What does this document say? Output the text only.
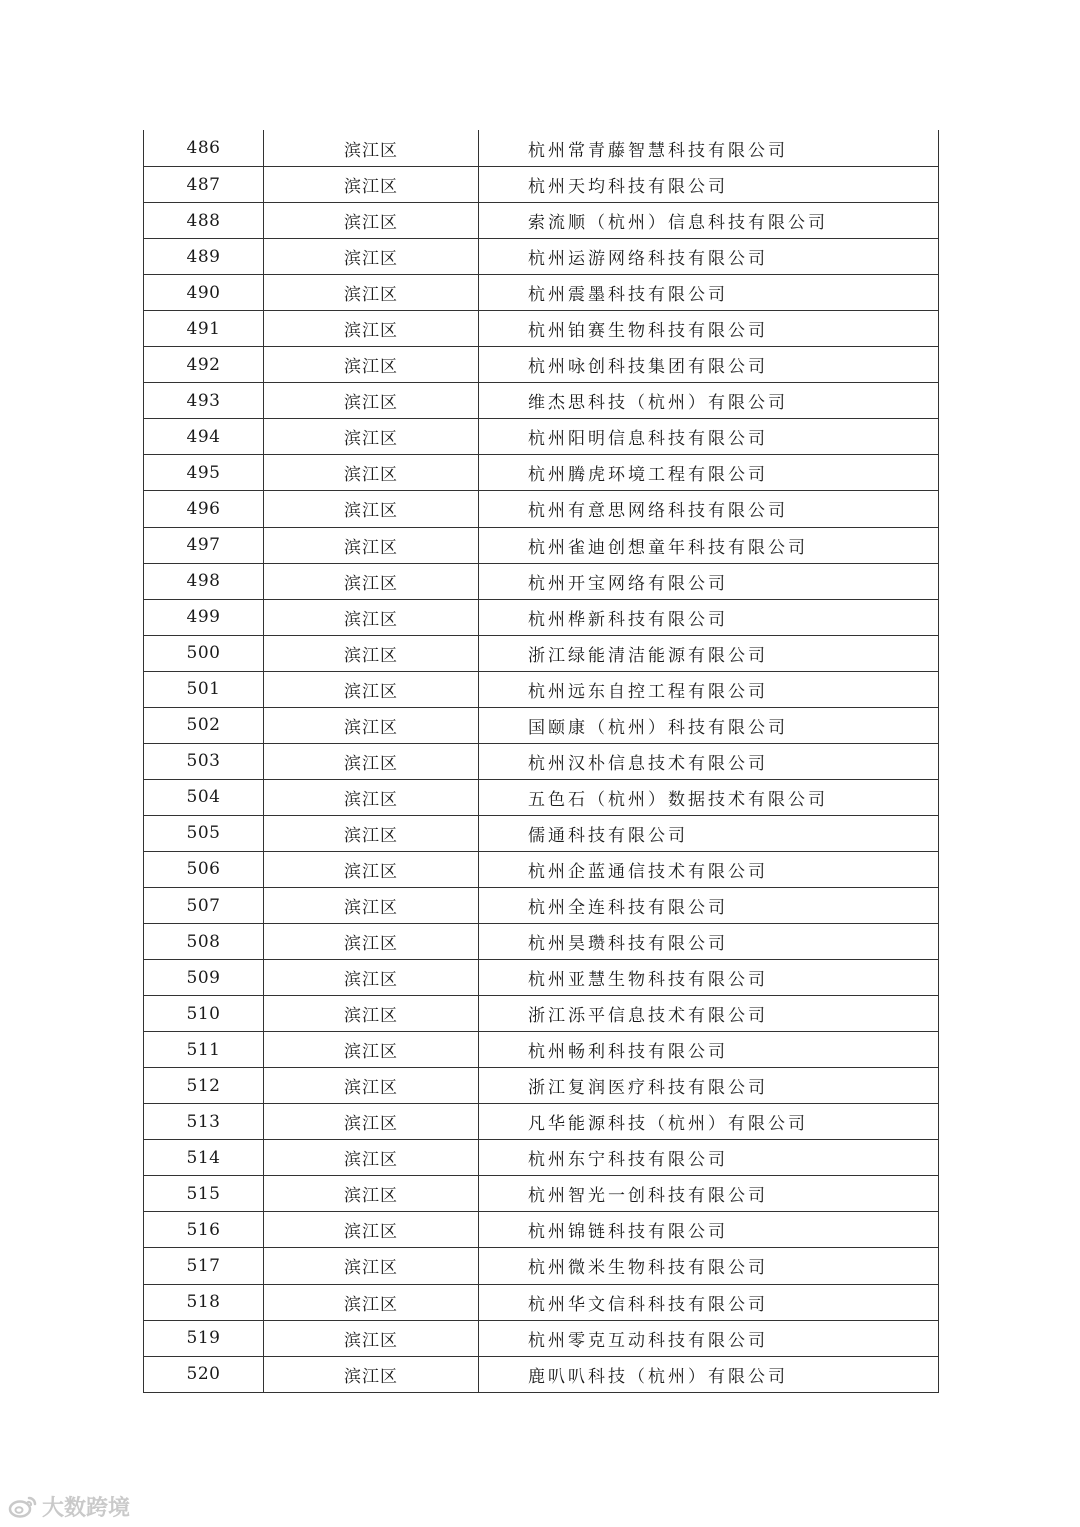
486	滨江区	杭州常青藤智慧科技有限公司
487	滨江区	杭州天均科技有限公司
488	滨江区	索流顺（杭州）信息科技有限公司
489	滨江区	杭州运游网络科技有限公司
490	滨江区	杭州震墨科技有限公司
491	滨江区	杭州铂赛生物科技有限公司
492	滨江区	杭州咏创科技集团有限公司
493	滨江区	维杰思科技（杭州）有限公司
494	滨江区	杭州阳明信息科技有限公司
495	滨江区	杭州腾虎环境工程有限公司
496	滨江区	杭州有意思网络科技有限公司
497	滨江区	杭州雀迪创想童年科技有限公司
498	滨江区	杭州开宝网络有限公司
499	滨江区	杭州桦新科技有限公司
500	滨江区	浙江绿能清洁能源有限公司
501	滨江区	杭州远东自控工程有限公司
502	滨江区	国颐康（杭州）科技有限公司
503	滨江区	杭州汉朴信息技术有限公司
504	滨江区	五色石（杭州）数据技术有限公司
505	滨江区	儒通科技有限公司
506	滨江区	杭州企蓝通信技术有限公司
507	滨江区	杭州全连科技有限公司
508	滨江区	杭州昊瓒科技有限公司
509	滨江区	杭州亚慧生物科技有限公司
510	滨江区	浙江泺平信息技术有限公司
511	滨江区	杭州畅利科技有限公司
512	滨江区	浙江复润医疗科技有限公司
513	滨江区	凡华能源科技（杭州）有限公司
514	滨江区	杭州东宁科技有限公司
515	滨江区	杭州智光一创科技有限公司
516	滨江区	杭州锦链科技有限公司
517	滨江区	杭州微米生物科技有限公司
518	滨江区	杭州华文信科科技有限公司
519	滨江区	杭州零克互动科技有限公司
520	滨江区	鹿叭叭科技（杭州）有限公司
大数跨境
